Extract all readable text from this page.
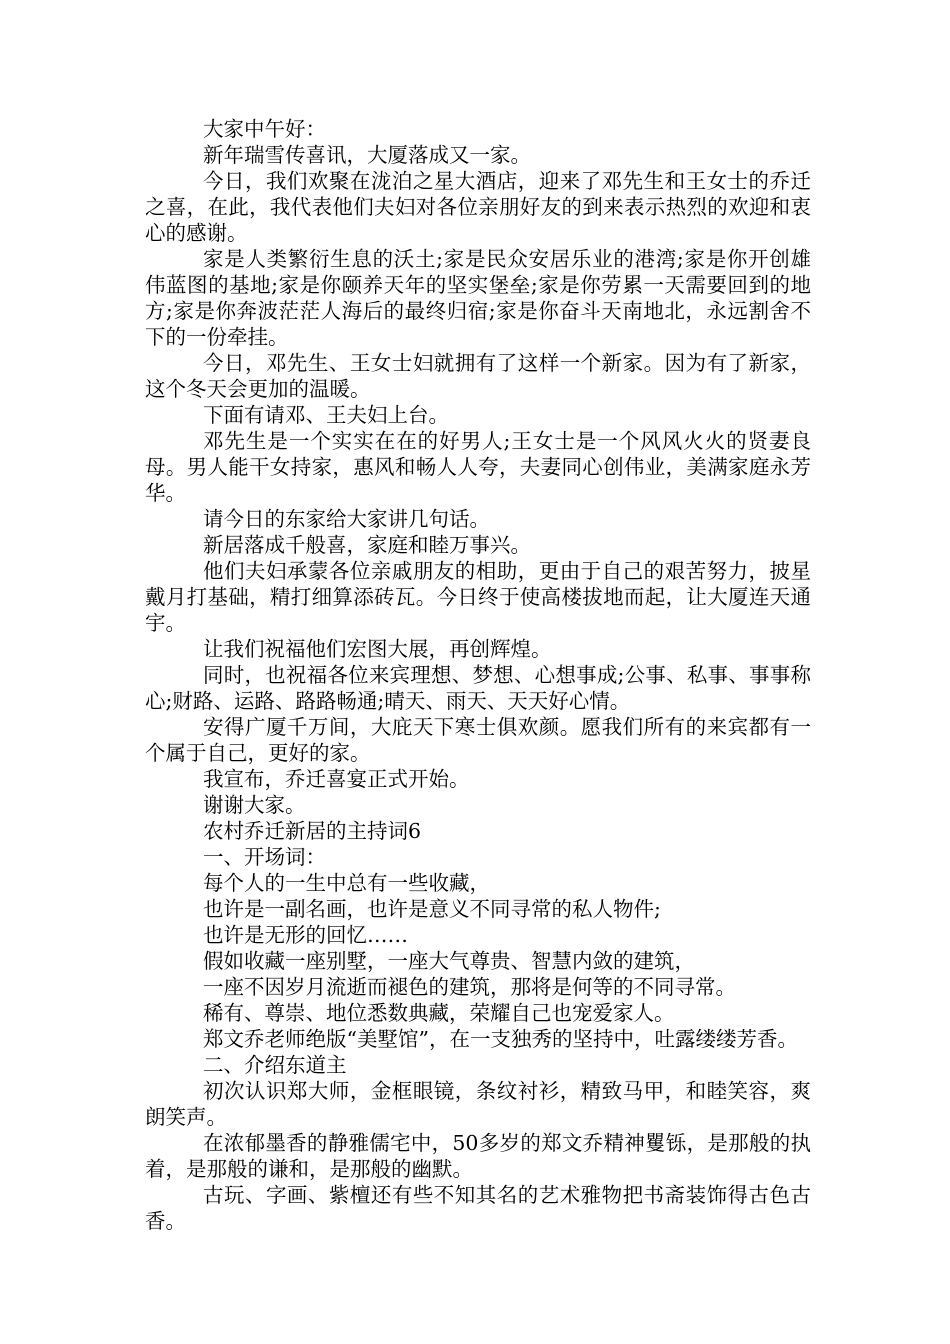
大家中午好：

新年瑞雪传喜讯，大厦落成又一家。

今日，我们欢聚在泷泊之星大酒店，迎来了邓先生和王女士的乔迁之喜，在此，我代表他们夫妇对各位亲朋好友的到来表示热烈的欢迎和衷心的感谢。

家是人类繁衍生息的沃土;家是民众安居乐业的港湾;家是你开创雄伟蓝图的基地;家是你颐养天年的坚实堡垒;家是你劳累一天需要回到的地方;家是你奔波茫茫人海后的最终归宿;家是你奋斗天南地北，永远割舍不下的一份牵挂。

今日，邓先生、王女士妇就拥有了这样一个新家。因为有了新家，这个冬天会更加的温暖。

下面有请邓、王夫妇上台。

邓先生是一个实实在在的好男人;王女士是一个风风火火的贤妻良母。男人能干女持家，惠风和畅人人夸，夫妻同心创伟业，美满家庭永芳华。

请今日的东家给大家讲几句话。

新居落成千般喜，家庭和睦万事兴。

他们夫妇承蒙各位亲戚朋友的相助，更由于自己的艰苦努力，披星戴月打基础，精打细算添砖瓦。今日终于使高楼拔地而起，让大厦连天通宇。

让我们祝福他们宏图大展，再创辉煌。

同时，也祝福各位来宾理想、梦想、心想事成;公事、私事、事事称心;财路、运路、路路畅通;晴天、雨天、天天好心情。

安得广厦千万间，大庇天下寒士俱欢颜。愿我们所有的来宾都有一个属于自己，更好的家。

我宣布，乔迁喜宴正式开始。

谢谢大家。

农村乔迁新居的主持词6

一、开场词：

每个人的一生中总有一些收藏，

也许是一副名画，也许是意义不同寻常的私人物件;

也许是无形的回忆……

假如收藏一座别墅，一座大气尊贵、智慧内敛的建筑，

一座不因岁月流逝而褪色的建筑，那将是何等的不同寻常。

稀有、尊崇、地位悉数典藏，荣耀自己也宠爱家人。

郑文乔老师绝版“美墅馆”，在一支独秀的坚持中，吐露缕缕芳香。

二、介绍东道主

初次认识郑大师，金框眼镜，条纹衬衫，精致马甲，和睦笑容，爽朗笑声。

在浓郁墨香的静雅儒宅中，50多岁的郑文乔精神矍铄，是那般的执着，是那般的谦和，是那般的幽默。

古玩、字画、紫檀还有些不知其名的艺术雅物把书斋装饰得古色古香。
